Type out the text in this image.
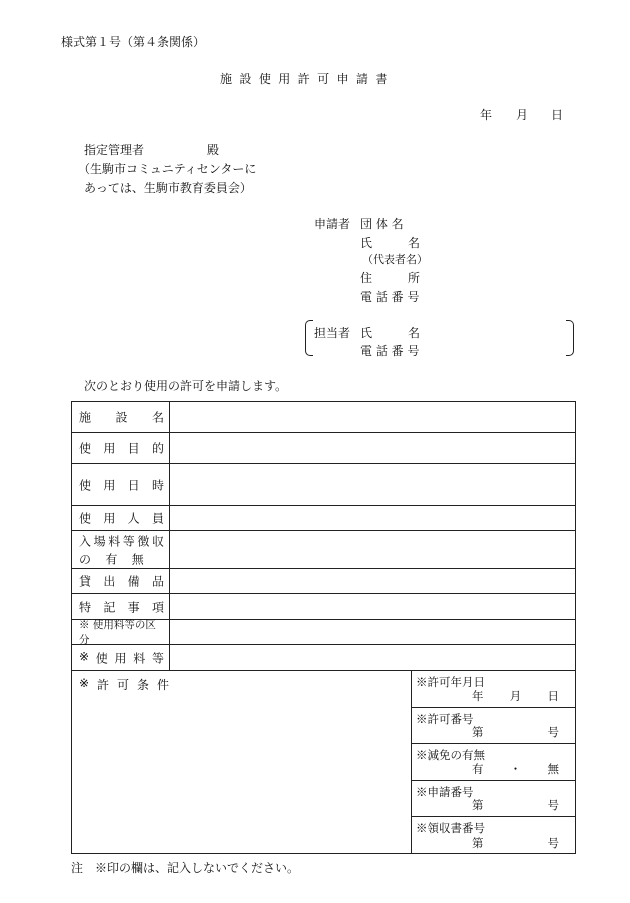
様式第１号（第４条関係）
施 設 使 用 許 可 申 請 書
年 月 日
指定管理者	殿
（生駒市コミュニティセンターに
あっては、生駒市教育委員会）
申請者 団 体 名
氏　　　名
（代表者名）
住　　　所
電 話 番 号
担当者 氏　　　名
電 話 番 号
次のとおり使用の許可を申請します。
施 設 名
使 用 目 的
使 用 日 時
使 用 人 員
入 場 料 等 徴 収
の　有　無
貸 出 備 品
特 記 事 項
※ 使用料等の区分
※ 使 用 料 等
※ 許 可 条 件	※許可年月日
年 月 日
※許可番号
第	号
※減免の有無
有 ・ 無
※申請番号
第	号
※領収書番号
第	号
注　※印の欄は、記入しないでください。
